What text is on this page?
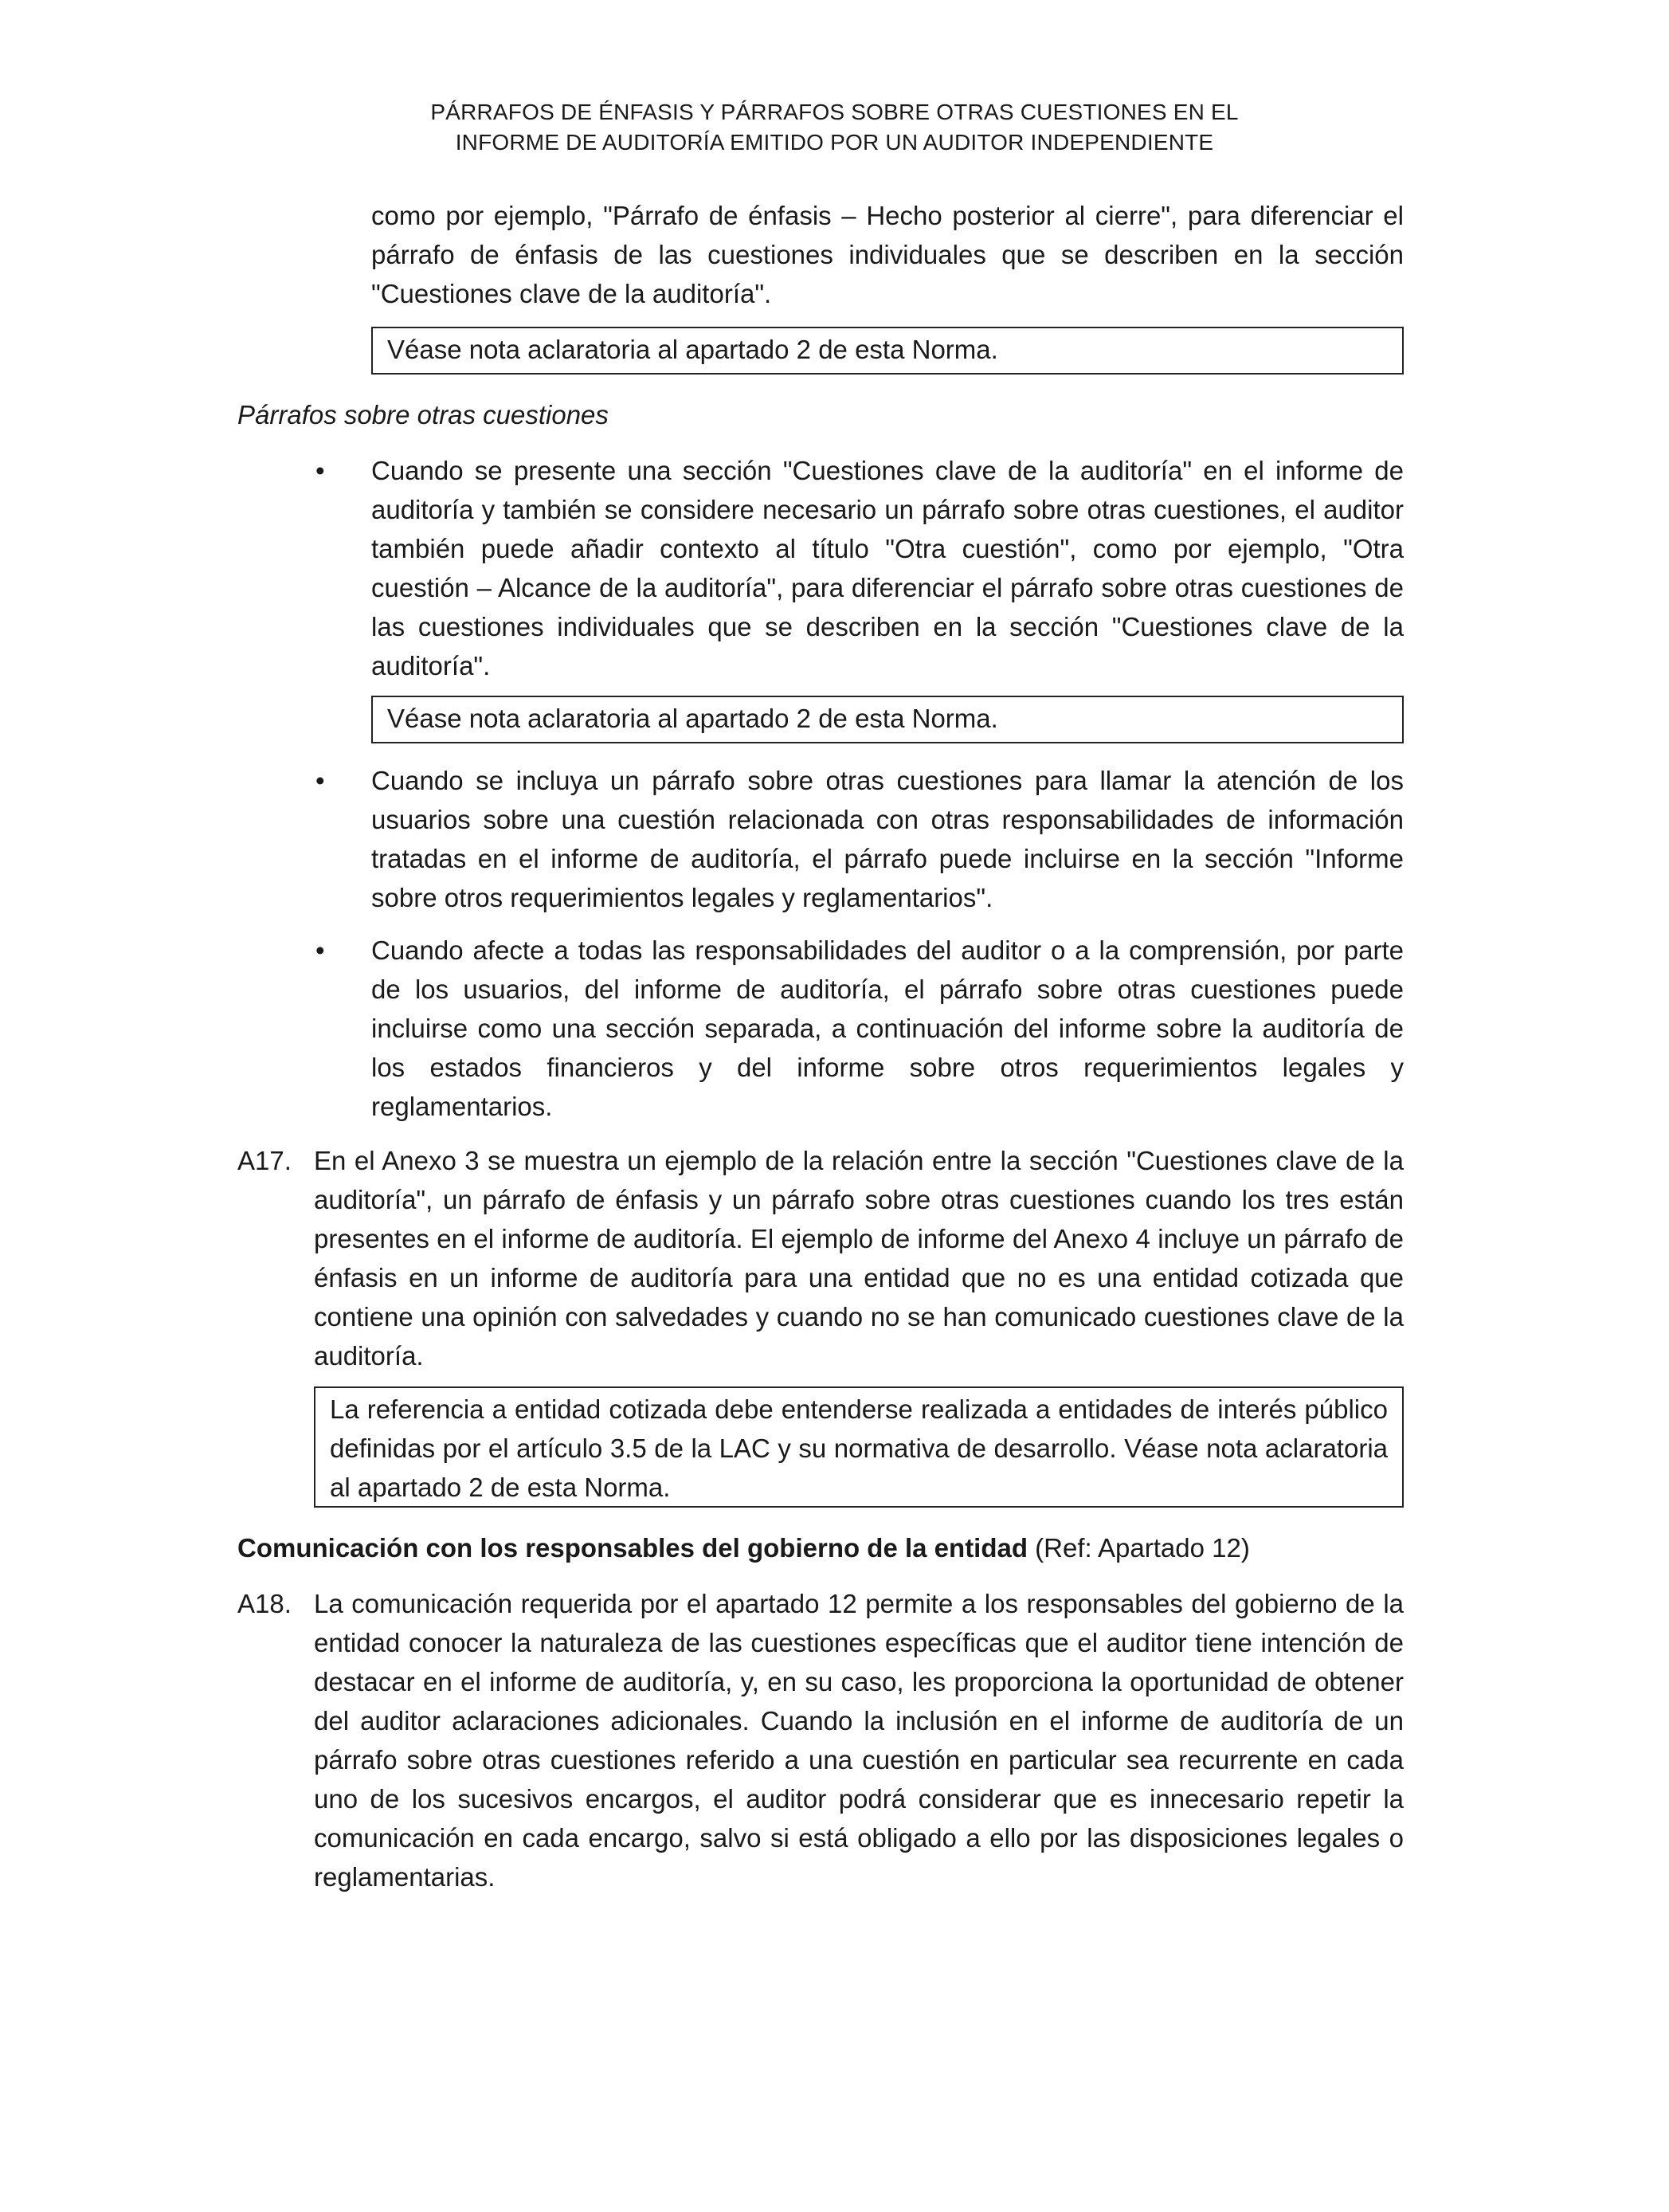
PÁRRAFOS DE ÉNFASIS Y PÁRRAFOS SOBRE OTRAS CUESTIONES EN EL
INFORME DE AUDITORÍA EMITIDO POR UN AUDITOR INDEPENDIENTE

como por ejemplo, "Párrafo de énfasis – Hecho posterior al cierre", para diferenciar el párrafo de énfasis de las cuestiones individuales que se describen en la sección "Cuestiones clave de la auditoría".

Véase nota aclaratoria al apartado 2 de esta Norma.
Párrafos sobre otras cuestiones
• Cuando se presente una sección "Cuestiones clave de la auditoría" en el informe de auditoría y también se considere necesario un párrafo sobre otras cuestiones, el auditor también puede añadir contexto al título "Otra cuestión", como por ejemplo, "Otra cuestión – Alcance de la auditoría", para diferenciar el párrafo sobre otras cuestiones de las cuestiones individuales que se describen en la sección "Cuestiones clave de la auditoría".

Véase nota aclaratoria al apartado 2 de esta Norma.
• Cuando se incluya un párrafo sobre otras cuestiones para llamar la atención de los usuarios sobre una cuestión relacionada con otras responsabilidades de información tratadas en el informe de auditoría, el párrafo puede incluirse en la sección "Informe sobre otros requerimientos legales y reglamentarios".

• Cuando afecte a todas las responsabilidades del auditor o a la comprensión, por parte de los usuarios, del informe de auditoría, el párrafo sobre otras cuestiones puede incluirse como una sección separada, a continuación del informe sobre la auditoría de los estados financieros y del informe sobre otros requerimientos legales y reglamentarios.

A17. En el Anexo 3 se muestra un ejemplo de la relación entre la sección "Cuestiones clave de la auditoría", un párrafo de énfasis y un párrafo sobre otras cuestiones cuando los tres están presentes en el informe de auditoría. El ejemplo de informe del Anexo 4 incluye un párrafo de énfasis en un informe de auditoría para una entidad que no es una entidad cotizada que contiene una opinión con salvedades y cuando no se han comunicado cuestiones clave de la auditoría.

La referencia a entidad cotizada debe entenderse realizada a entidades de interés público definidas por el artículo 3.5 de la LAC y su normativa de desarrollo. Véase nota aclaratoria al apartado 2 de esta Norma.
Comunicación con los responsables del gobierno de la entidad (Ref: Apartado 12)
A18. La comunicación requerida por el apartado 12 permite a los responsables del gobierno de la entidad conocer la naturaleza de las cuestiones específicas que el auditor tiene intención de destacar en el informe de auditoría, y, en su caso, les proporciona la oportunidad de obtener del auditor aclaraciones adicionales. Cuando la inclusión en el informe de auditoría de un párrafo sobre otras cuestiones referido a una cuestión en particular sea recurrente en cada uno de los sucesivos encargos, el auditor podrá considerar que es innecesario repetir la comunicación en cada encargo, salvo si está obligado a ello por las disposiciones legales o reglamentarias.
